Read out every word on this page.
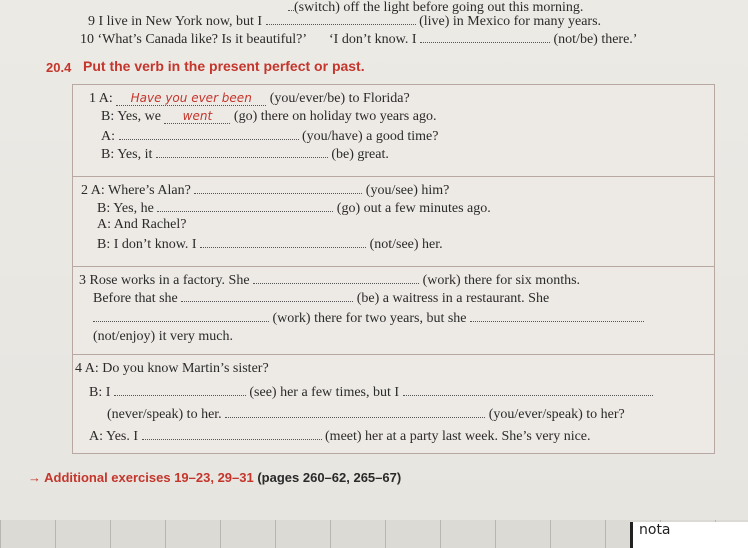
(switch) off the light before going out this morning.
9 I live in New York now, but I	(live) in Mexico for many years.
10 ‘What’s Canada like? Is it beautiful?’ ‘I don’t know. I	(not/be) there.’
20.4 Put the verb in the present perfect or past.
1 A: Have you ever been (you/ever/be) to Florida?
B: Yes, we went (go) there on holiday two years ago.
A:	(you/have) a good time?
B: Yes, it	(be) great.
2 A: Where’s Alan?	(you/see) him?
B: Yes, he	(go) out a few minutes ago.
A: And Rachel?
B: I don’t know. I	(not/see) her.
3 Rose works in a factory. She	(work) there for six months.
Before that she	(be) a waitress in a restaurant. She
(work) there for two years, but she
(not/enjoy) it very much.
4 A: Do you know Martin’s sister?
B: I	(see) her a few times, but I
(never/speak) to her.	(you/ever/speak) to her?
A: Yes. I	(meet) her at a party last week. She’s very nice.
→ Additional exercises 19–23, 29–31 (pages 260–62, 265–67)
nota
